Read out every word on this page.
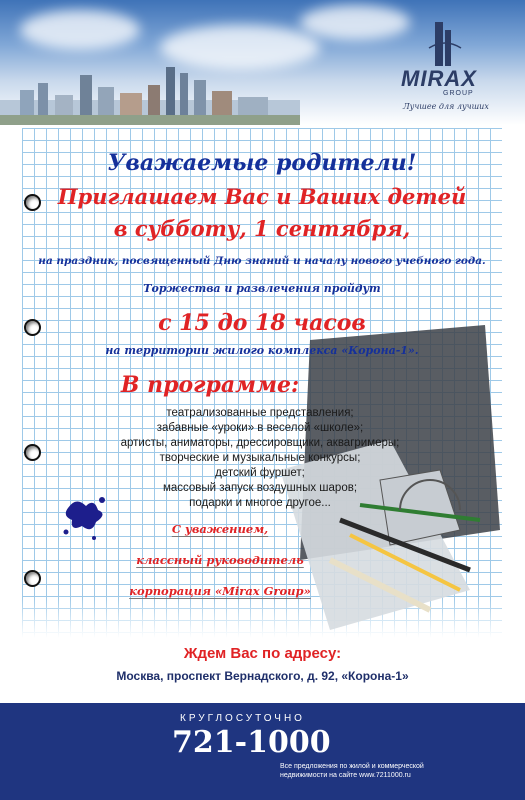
MIRAX
GROUP
Лучшее для лучших
Уважаемые родители!
Приглашаем Вас и Ваших детей
в субботу, 1 сентября,
на праздник, посвященный Дню знаний и началу нового учебного года.
Торжества и развлечения пройдут
с 15 до 18 часов
на территории жилого комплекса «Корона-1».
В программе:
театрализованные представления;
забавные «уроки» в веселой «школе»;
артисты, аниматоры, дрессировщики, аквагримеры;
творческие и музыкальные конкурсы;
детский фуршет;
массовый запуск воздушных шаров;
подарки и многое другое...
С уважением,
классный руководитель
корпорация «Mirax Group»
Ждем Вас по адресу:
Москва, проспект Вернадского, д. 92, «Корона-1»
КРУГЛОСУТОЧНО
721-1000
Все предложения по жилой и коммерческой недвижимости на сайте www.7211000.ru
